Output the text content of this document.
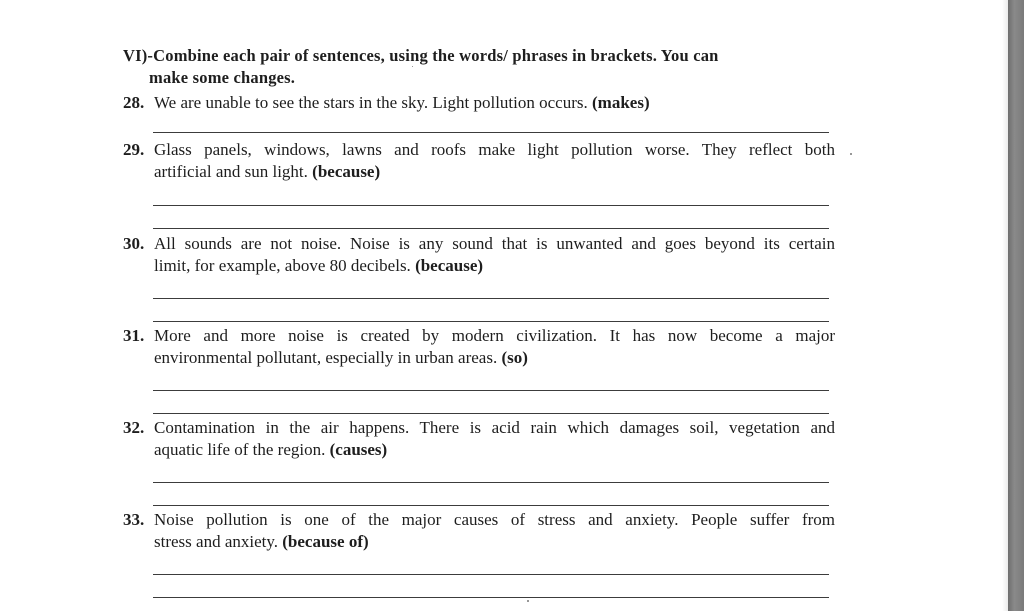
VI)-Combine each pair of sentences, using the words/ phrases in brackets. You can
make some changes.
28. We are unable to see the stars in the sky. Light pollution occurs. (makes)
29. Glass panels, windows, lawns and roofs make light pollution worse. They reflect both
artificial and sun light. (because)
30. All sounds are not noise. Noise is any sound that is unwanted and goes beyond its certain
limit, for example, above 80 decibels. (because)
31. More and more noise is created by modern civilization. It has now become a major
environmental pollutant, especially in urban areas. (so)
32. Contamination in the air happens. There is acid rain which damages soil, vegetation and
aquatic life of the region. (causes)
33. Noise pollution is one of the major causes of stress and anxiety. People suffer from
stress and anxiety. (because of)
